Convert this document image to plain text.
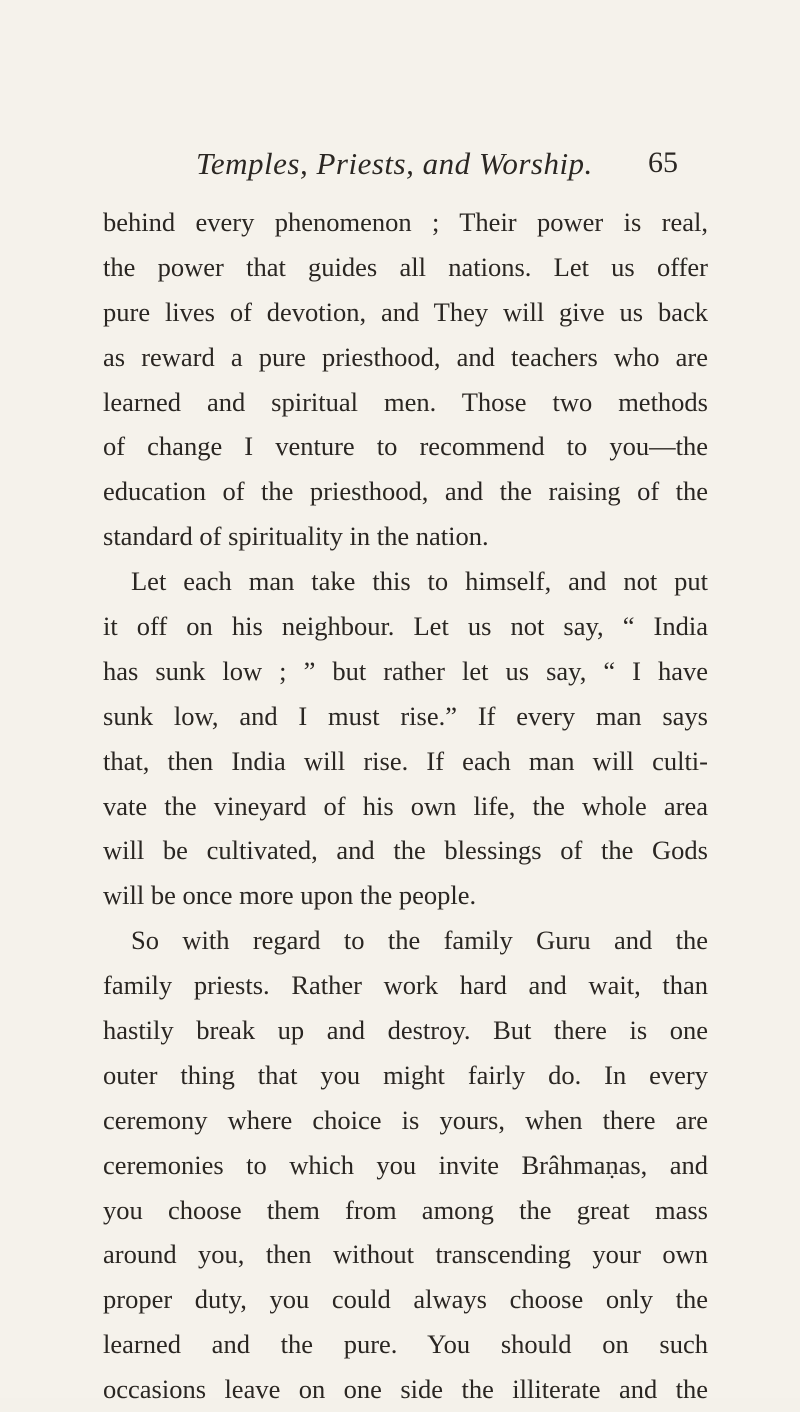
Temples, Priests, and Worship. 65
behind every phenomenon ; Their power is real,
the power that guides all nations. Let us offer
pure lives of devotion, and They will give us back
as reward a pure priesthood, and teachers who are
learned and spiritual men. Those two methods
of change I venture to recommend to you—the
education of the priesthood, and the raising of the
standard of spirituality in the nation.
Let each man take this to himself, and not put
it off on his neighbour. Let us not say, “ India
has sunk low ; ” but rather let us say, “ I have
sunk low, and I must rise.” If every man says
that, then India will rise. If each man will culti-
vate the vineyard of his own life, the whole area
will be cultivated, and the blessings of the Gods
will be once more upon the people.
So with regard to the family Guru and the
family priests. Rather work hard and wait, than
hastily break up and destroy. But there is one
outer thing that you might fairly do. In every
ceremony where choice is yours, when there are
ceremonies to which you invite Brâhmaṇas, and
you choose them from among the great mass
around you, then without transcending your own
proper duty, you could always choose only the
learned and the pure. You should on such
occasions leave on one side the illiterate and the
